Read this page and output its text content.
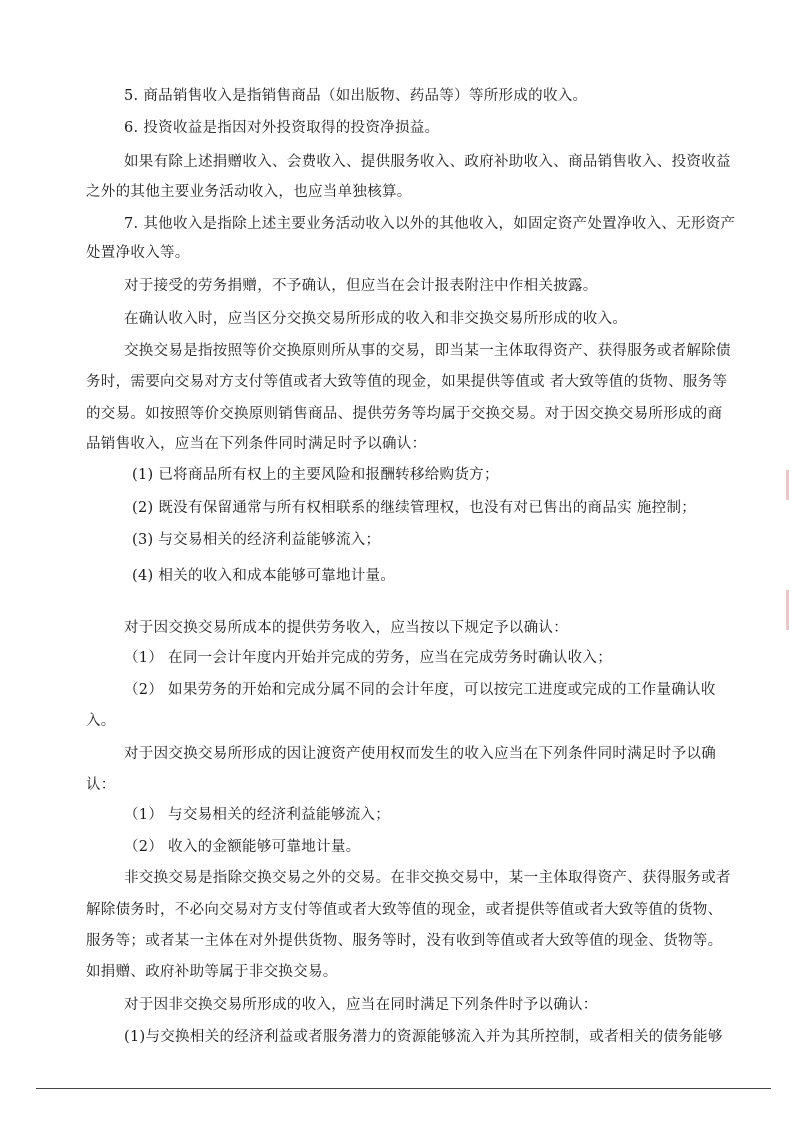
5. 商品销售收入是指销售商品（如出版物、药品等）等所形成的收入。
6. 投资收益是指因对外投资取得的投资净损益。
如果有除上述捐赠收入、会费收入、提供服务收入、政府补助收入、商品销售收入、投资收益
之外的其他主要业务活动收入，也应当单独核算。
7. 其他收入是指除上述主要业务活动收入以外的其他收入，如固定资产处置净收入、无形资产
处置净收入等。
对于接受的劳务捐赠，不予确认，但应当在会计报表附注中作相关披露。
在确认收入时，应当区分交换交易所形成的收入和非交换交易所形成的收入。
交换交易是指按照等价交换原则所从事的交易，即当某一主体取得资产、获得服务或者解除债
务时，需要向交易对方支付等值或者大致等值的现金，如果提供等值或 者大致等值的货物、服务等
的交易。如按照等价交换原则销售商品、提供劳务等均属于交换交易。对于因交换交易所形成的商
品销售收入，应当在下列条件同时满足时予以确认：
(1) 已将商品所有权上的主要风险和报酬转移给购货方；
(2) 既没有保留通常与所有权相联系的继续管理权，也没有对已售出的商品实 施控制；
(3) 与交易相关的经济利益能够流入；
(4) 相关的收入和成本能够可靠地计量。
对于因交换交易所成本的提供劳务收入，应当按以下规定予以确认：
（1） 在同一会计年度内开始并完成的劳务，应当在完成劳务时确认收入；
（2） 如果劳务的开始和完成分属不同的会计年度，可以按完工进度或完成的工作量确认收
入。
对于因交换交易所形成的因让渡资产使用权而发生的收入应当在下列条件同时满足时予以确
认：
（1） 与交易相关的经济利益能够流入；
（2） 收入的金额能够可靠地计量。
非交换交易是指除交换交易之外的交易。在非交换交易中，某一主体取得资产、获得服务或者
解除债务时，不必向交易对方支付等值或者大致等值的现金，或者提供等值或者大致等值的货物、
服务等；或者某一主体在对外提供货物、服务等时，没有收到等值或者大致等值的现金、货物等。
如捐赠、政府补助等属于非交换交易。
对于因非交换交易所形成的收入，应当在同时满足下列条件时予以确认：
(1)与交换相关的经济利益或者服务潜力的资源能够流入并为其所控制，或者相关的债务能够
